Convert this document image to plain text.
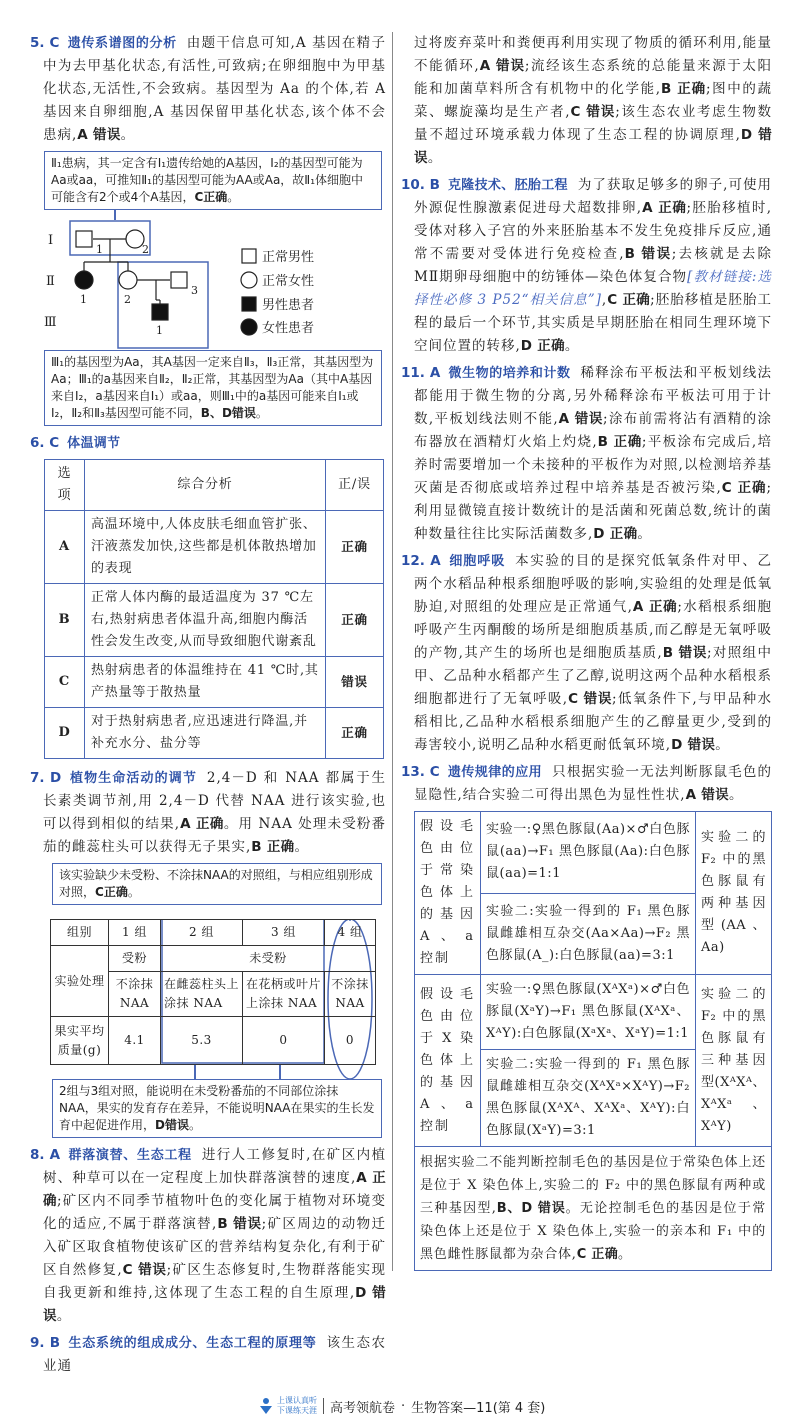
5. C 遗传系谱图的分析 由题干信息可知,A 基因在精子中为去甲基化状态,有活性,可致病;在卵细胞中为甲基化状态,无活性,不会致病。基因型为 Aa 的个体,若 A 基因来自卵细胞,A 基因保留甲基化状态,该个体不会患病,A 错误。
Ⅱ₁患病，其一定含有Ⅰ₁遗传给她的A基因，Ⅰ₂的基因型可能为Aa或aa，可推知Ⅱ₁的基因型可能为AA或Aa，故Ⅱ₁体细胞中可能含有2个或4个A基因，C正确。
Ⅰ
Ⅱ
Ⅲ
1	2
1	2
3
1
正常男性
正常女性
男性患者
女性患者
Ⅲ₁的基因型为Aa，其A基因一定来自Ⅱ₃，Ⅱ₃正常，其基因型为Aa；Ⅲ₁的a基因来自Ⅱ₂，Ⅱ₂正常，其基因型为Aa（其中A基因来自Ⅰ₂，a基因来自Ⅰ₁）或aa，则Ⅲ₁中的a基因可能来自Ⅰ₁或Ⅰ₂，Ⅱ₂和Ⅱ₃基因型可能不同，B、D错误。
6. C 体温调节
选项	综合分析	正/误
A	高温环境中,人体皮肤毛细血管扩张、汗液蒸发加快,这些都是机体散热增加的表现	正确
B	正常人体内酶的最适温度为 37 ℃左右,热射病患者体温升高,细胞内酶活性会发生改变,从而导致细胞代谢紊乱	正确
C	热射病患者的体温维持在 41 ℃时,其产热量等于散热量	错误
D	对于热射病患者,应迅速进行降温,并补充水分、盐分等	正确
7. D 植物生命活动的调节 2,4－D 和 NAA 都属于生长素类调节剂,用 2,4－D 代替 NAA 进行该实验,也可以得到相似的结果,A 正确。用 NAA 处理未受粉番茄的雌蕊柱头可以获得无子果实,B 正确。
该实验缺少未受粉、不涂抹NAA的对照组，与相应组别形成对照，C正确。
组别	1 组	2 组	3 组	4 组
实验处理	受粉	未受粉		
	不涂抹 NAA	在雌蕊柱头上涂抹 NAA	在花柄或叶片上涂抹 NAA	不涂抹 NAA
果实平均质量(g)	4.1	5.3	0	0
2组与3组对照，能说明在未受粉番茄的不同部位涂抹NAA，果实的发育存在差异，不能说明NAA在果实的生长发育中起促进作用，D错误。
8. A 群落演替、生态工程 进行人工修复时,在矿区内植树、种草可以在一定程度上加快群落演替的速度,A 正确;矿区内不同季节植物叶色的变化属于植物对环境变化的适应,不属于群落演替,B 错误;矿区周边的动物迁入矿区取食植物使该矿区的营养结构复杂化,有利于矿区自然修复,C 错误;矿区生态修复时,生物群落能实现自我更新和维持,这体现了生态工程的自生原理,D 错误。
9. B 生态系统的组成成分、生态工程的原理等 该生态农业通
过将废弃菜叶和粪便再利用实现了物质的循环利用,能量不能循环,A 错误;流经该生态系统的总能量来源于太阳能和加菌草料所含有机物中的化学能,B 正确;图中的蔬菜、螺旋藻均是生产者,C 错误;该生态农业考虑生物数量不超过环境承载力体现了生态工程的协调原理,D 错误。
10. B 克隆技术、胚胎工程 为了获取足够多的卵子,可使用外源促性腺激素促进母犬超数排卵,A 正确;胚胎移植时,受体对移入子宫的外来胚胎基本不发生免疫排斥反应,通常不需要对受体进行免疫检查,B 错误;去核就是去除 MⅡ期卵母细胞中的纺锤体—染色体复合物[教材链接:选择性必修 3 P52“相关信息”],C 正确;胚胎移植是胚胎工程的最后一个环节,其实质是早期胚胎在相同生理环境下空间位置的转移,D 正确。
11. A 微生物的培养和计数 稀释涂布平板法和平板划线法都能用于微生物的分离,另外稀释涂布平板法可用于计数,平板划线法则不能,A 错误;涂布前需将沾有酒精的涂布器放在酒精灯火焰上灼烧,B 正确;平板涂布完成后,培养时需要增加一个未接种的平板作为对照,以检测培养基灭菌是否彻底或培养过程中培养基是否被污染,C 正确;利用显微镜直接计数统计的是活菌和死菌总数,统计的菌种数量往往比实际活菌数多,D 正确。
12. A 细胞呼吸 本实验的目的是探究低氧条件对甲、乙两个水稻品种根系细胞呼吸的影响,实验组的处理是低氧胁迫,对照组的处理应是正常通气,A 正确;水稻根系细胞呼吸产生丙酮酸的场所是细胞质基质,而乙醇是无氧呼吸的产物,其产生的场所也是细胞质基质,B 错误;对照组中甲、乙品种水稻都产生了乙醇,说明这两个品种水稻根系细胞都进行了无氧呼吸,C 错误;低氧条件下,与甲品种水稻相比,乙品种水稻根系细胞产生的乙醇量更少,受到的毒害较小,说明乙品种水稻更耐低氧环境,D 错误。
13. C 遗传规律的应用 只根据实验一无法判断豚鼠毛色的显隐性,结合实验二可得出黑色为显性性状,A 错误。
假设毛色由位于常染色体上的基因 A、a 控制	实验一:♀黑色豚鼠(Aa)×♂白色豚鼠(aa)→F₁ 黑色豚鼠(Aa):白色豚鼠(aa)=1:1	实验二的 F₂ 中的黑色豚鼠有两种基因型(AA、Aa)
	实验二:实验一得到的 F₁ 黑色豚鼠雌雄相互杂交(Aa×Aa)→F₂ 黑色豚鼠(A_):白色豚鼠(aa)=3:1	
假设毛色由位于 X 染色体上的基因 A、a 控制	实验一:♀黑色豚鼠(XᴬXᵃ)×♂白色豚鼠(XᵃY)→F₁ 黑色豚鼠(XᴬXᵃ、XᴬY):白色豚鼠(XᵃXᵃ、XᵃY)=1:1	实验二的 F₂ 中的黑色豚鼠有三种基因型(XᴬXᴬ、XᴬXᵃ、XᴬY)
	实验二:实验一得到的 F₁ 黑色豚鼠雌雄相互杂交(XᴬXᵃ×XᴬY)→F₂ 黑色豚鼠(XᴬXᴬ、XᴬXᵃ、XᴬY):白色豚鼠(XᵃY)=3:1	
根据实验二不能判断控制毛色的基因是位于常染色体上还是位于 X 染色体上,实验二的 F₂ 中的黑色豚鼠有两种或三种基因型,B、D 错误。无论控制毛色的基因是位于常染色体上还是位于 X 染色体上,实验一的亲本和 F₁ 中的黑色雌性豚鼠都为杂合体,C 正确。		
上课认真听
下课练天涯 高考领航卷 · 生物答案—11(第 4 套)
